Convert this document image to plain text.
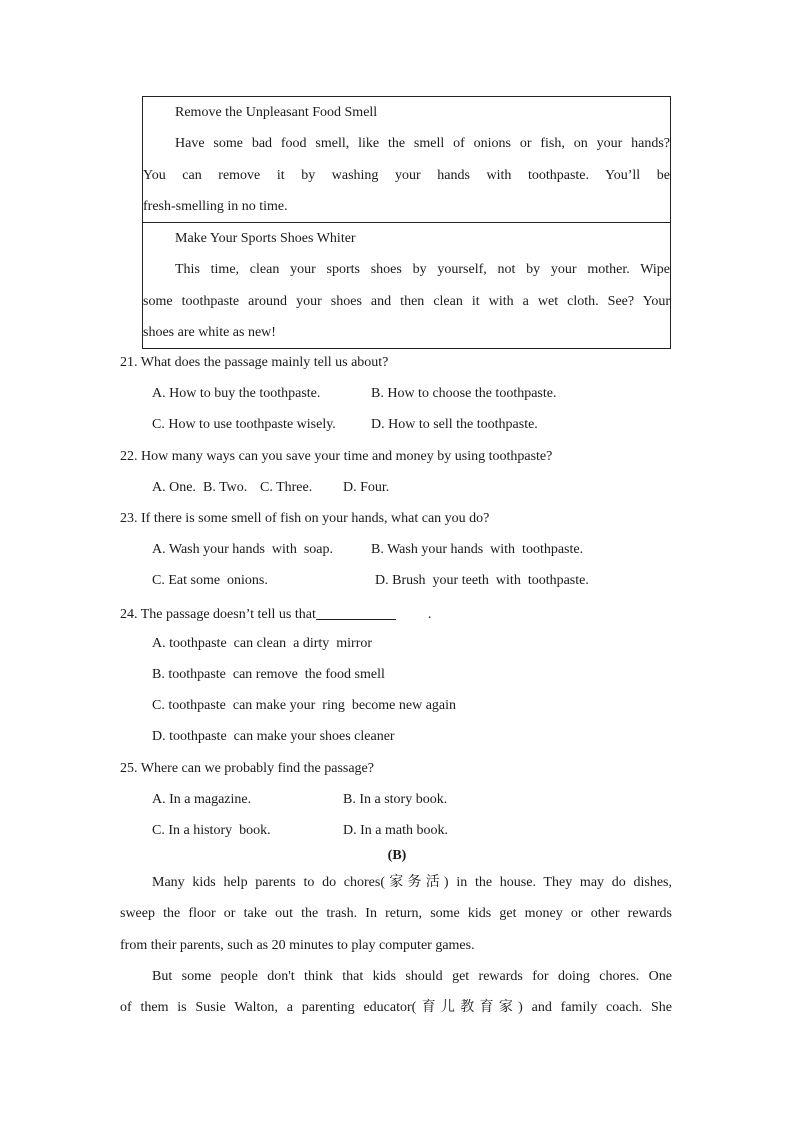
Remove the Unpleasant Food Smell
Have some bad food smell, like the smell of onions or fish, on your hands?
You can remove it by washing your hands with toothpaste. You’ll be
fresh-smelling in no time.
Make Your Sports Shoes Whiter
This time, clean your sports shoes by yourself, not by your mother. Wipe
some toothpaste around your shoes and then clean it with a wet cloth. See? Your
shoes are white as new!
21. What does the passage mainly tell us about?
A. How to buy the toothpaste.	B. How to choose the toothpaste.
C. How to use toothpaste wisely.	D. How to sell the toothpaste.
22. How many ways can you save your time and money by using toothpaste?
A. One. B. Two. C. Three. D. Four.
23. If there is some smell of fish on your hands, what can you do?
A. Wash your hands  with  soap.	B. Wash your hands  with  toothpaste.
C. Eat some  onions.	D. Brush  your teeth  with  toothpaste.
24. The passage doesn’t tell us that	.
A. toothpaste  can clean  a dirty  mirror
B. toothpaste  can remove  the food smell
C. toothpaste  can make your  ring  become new again
D. toothpaste  can make your shoes cleaner
25. Where can we probably find the passage?
A. In a magazine.	B. In a story book.
C. In a history  book.	D. In a math book.
(B)
Many kids help parents to do chores(家务活) in the house. They may do dishes,
sweep the floor or take out the trash. In return, some kids get money or other rewards
from their parents, such as 20 minutes to play computer games.
But some people don't think that kids should get rewards for doing chores. One
of them is Susie Walton, a parenting educator(育儿教育家) and family coach. She
